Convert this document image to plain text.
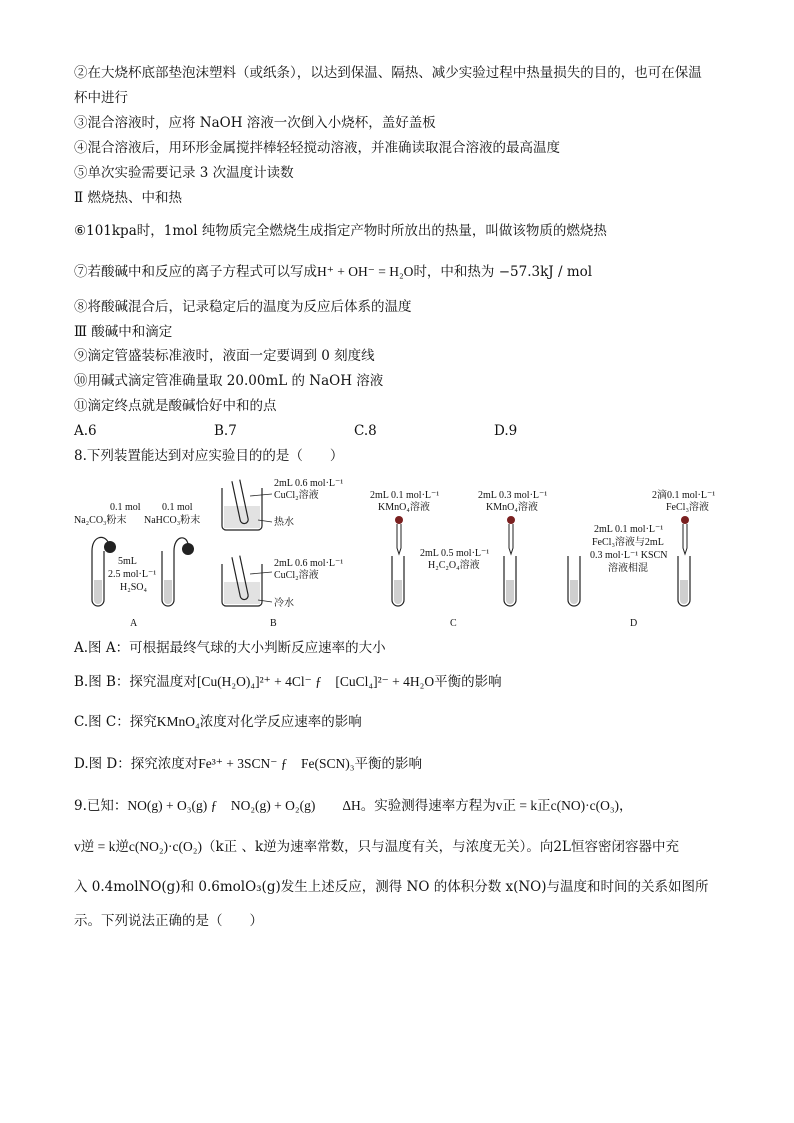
②在大烧杯底部垫泡沫塑料（或纸条），以达到保温、隔热、减少实验过程中热量损失的目的，也可在保温
杯中进行
③混合溶液时，应将 NaOH 溶液一次倒入小烧杯，盖好盖板
④混合溶液后，用环形金属搅拌棒轻轻搅动溶液，并准确读取混合溶液的最高温度
⑤单次实验需要记录 3 次温度计读数
Ⅱ 燃烧热、中和热
⑥101kpa时，1mol 纯物质完全燃烧生成指定产物时所放出的热量，叫做该物质的燃烧热
⑦若酸碱中和反应的离子方程式可以写成H⁺ + OH⁻ = H₂O时，中和热为 −57.3kJ / mol
⑧将酸碱混合后，记录稳定后的温度为反应后体系的温度
Ⅲ 酸碱中和滴定
⑨滴定管盛装标准液时，液面一定要调到 0 刻度线
⑩用碱式滴定管准确量取 20.00mL 的 NaOH 溶液
⑪滴定终点就是酸碱恰好中和的点
A.6	B.7	C.8	D.9
8.下列装置能达到对应实验目的的是（　　）
0.1 mol
Na₂CO₃粉末
0.1 mol
NaHCO₃粉末
5mL
2.5 mol·L⁻¹
H₂SO₄
A
2mL 0.6 mol·L⁻¹
CuCl₂溶液
热水
2mL 0.6 mol·L⁻¹
CuCl₂溶液
冷水
B
2mL 0.1 mol·L⁻¹
KMnO₄溶液
2mL 0.3 mol·L⁻¹
KMnO₄溶液
2mL 0.5 mol·L⁻¹
H₂C₂O₄溶液
C
2滴0.1 mol·L⁻¹
FeCl₃溶液
2mL 0.1 mol·L⁻¹
FeCl₃溶液与2mL
0.3 mol·L⁻¹ KSCN
溶液相混
D
A.图 A：可根据最终气球的大小判断反应速率的大小
B.图 B：探究温度对[Cu(H₂O)₄]²⁺ + 4Cl⁻ ƒ　[CuCl₄]²⁻ + 4H₂O平衡的影响
C.图 C：探究KMnO₄浓度对化学反应速率的影响
D.图 D：探究浓度对Fe³⁺ + 3SCN⁻ ƒ　Fe(SCN)₃平衡的影响
9.已知：NO(g) + O₃(g) ƒ　NO₂(g) + O₂(g)　　ΔH。实验测得速率方程为v正 = k正c(NO)·c(O₃)，
v逆 = k逆c(NO₂)·c(O₂)（k正 、k逆为速率常数，只与温度有关，与浓度无关）。向2L恒容密闭容器中充
入 0.4molNO(g)和 0.6molO₃(g)发生上述反应，测得 NO 的体积分数 x(NO)与温度和时间的关系如图所
示。下列说法正确的是（　　）
